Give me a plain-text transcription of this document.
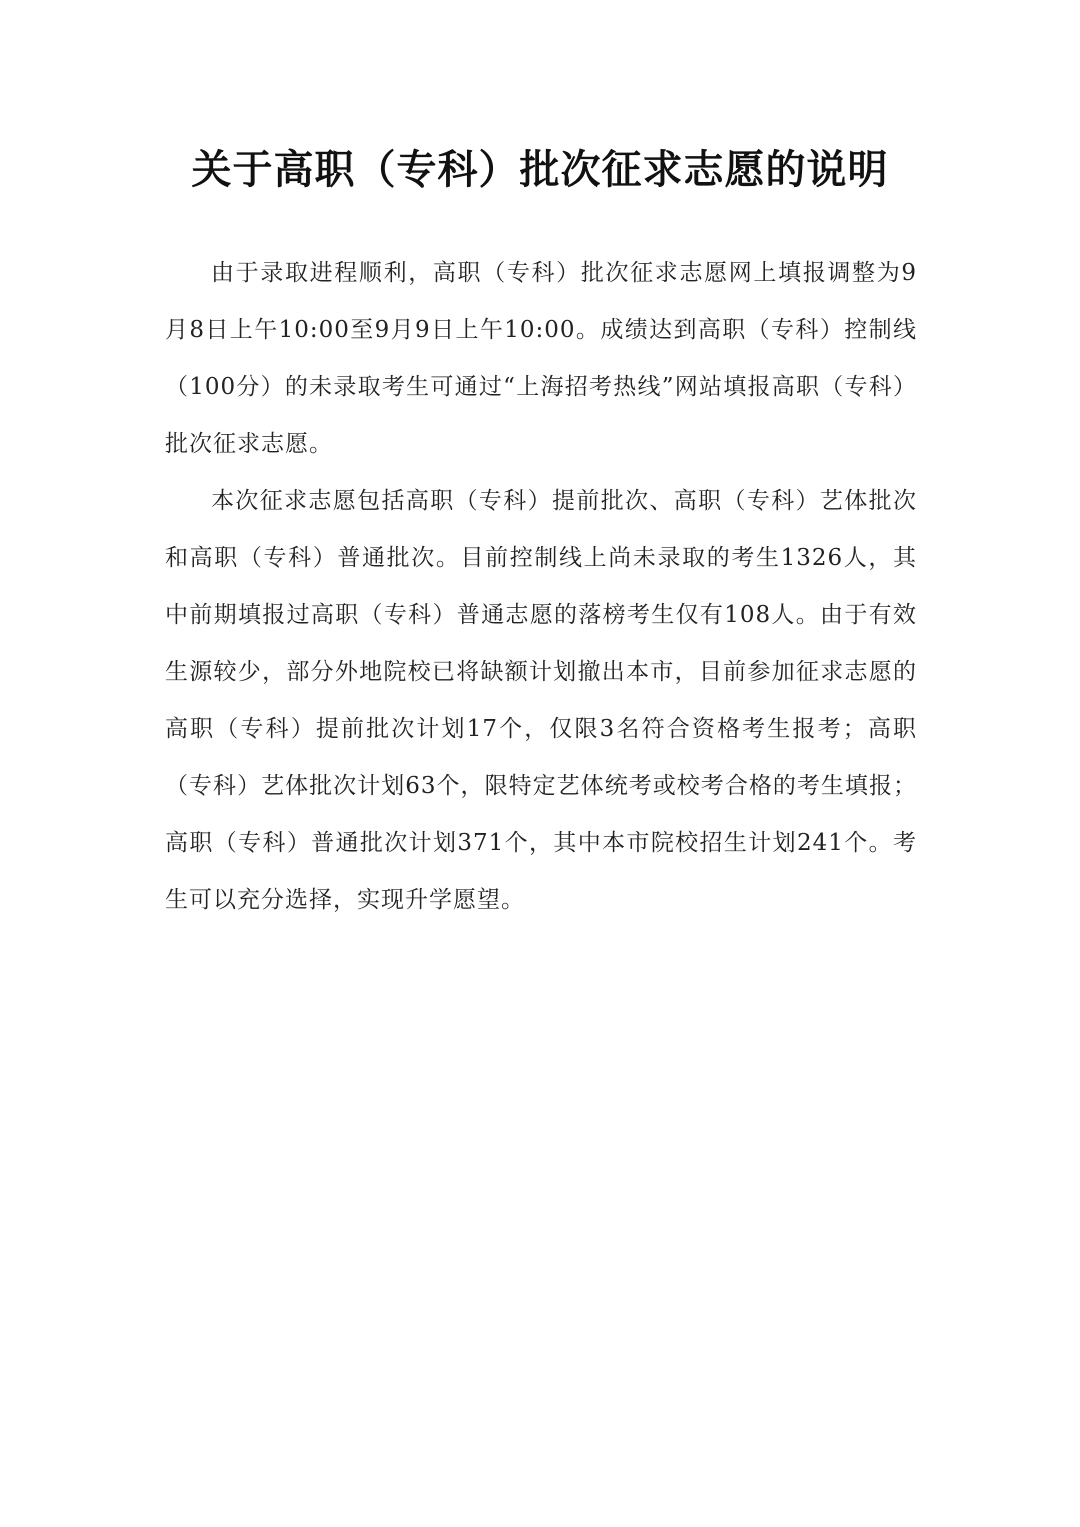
关于高职（专科）批次征求志愿的说明

由于录取进程顺利，高职（专科）批次征求志愿网上填报调整为9月8日上午10:00至9月9日上午10:00。成绩达到高职（专科）控制线（100分）的未录取考生可通过“上海招考热线”网站填报高职（专科）批次征求志愿。

本次征求志愿包括高职（专科）提前批次、高职（专科）艺体批次和高职（专科）普通批次。目前控制线上尚未录取的考生1326人，其中前期填报过高职（专科）普通志愿的落榜考生仅有108人。由于有效生源较少，部分外地院校已将缺额计划撤出本市，目前参加征求志愿的高职（专科）提前批次计划17个，仅限3名符合资格考生报考；高职（专科）艺体批次计划63个，限特定艺体统考或校考合格的考生填报；高职（专科）普通批次计划371个，其中本市院校招生计划241个。考生可以充分选择，实现升学愿望。
